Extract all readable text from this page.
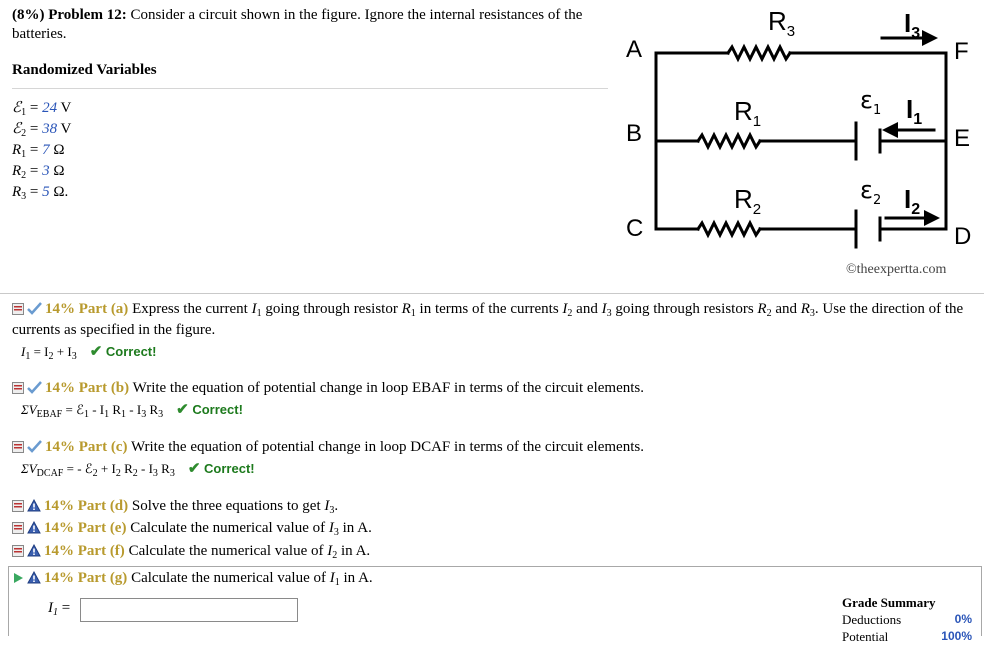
(8%) Problem 12: Consider a circuit shown in the figure. Ignore the internal resistances of the batteries.
Randomized Variables
ℰ$_1$ = 24 V
ℰ$_2$ = 38 V
$R_1 = 7$ Ω
$R_2 = 3$ Ω
$R_3 = 5$ Ω.
A
B
C	D
E
F
$R_3$
$R_1$
$R_2$
$\varepsilon_1$
$\varepsilon_2$
$I_3$
$I_1$
$I_2$
©theexpertta.com
14% Part (a) Express the current $I_1$ going through resistor $R_1$ in terms of the currents $I_2$ and $I_3$ going through resistors $R_2$ and $R_3$. Use the direction of the currents as specified in the figure.
$I_1 = I_2 + I_3$ ✔ Correct!
14% Part (b) Write the equation of potential change in loop EBAF in terms of the circuit elements.
$\Sigma V_{EBAF}$ = ℰ$_1$ - $I_1$ $R_1 - I_3$ $R_3$ ✔ Correct!
14% Part (c) Write the equation of potential change in loop DCAF in terms of the circuit elements.
$\Sigma V_{DCAF}$ = - ℰ$_2$ + $I_2$ $R_2 - I_3$ $R_3$ ✔ Correct!
14% Part (d) Solve the three equations to get $I_3$.
14% Part (e) Calculate the numerical value of $I_3$ in A.
14% Part (f) Calculate the numerical value of $I_2$ in A.
14% Part (g) Calculate the numerical value of $I_1$ in A.
$I_1$ =	Grade Summary
Deductions	0%
Potential	100%
